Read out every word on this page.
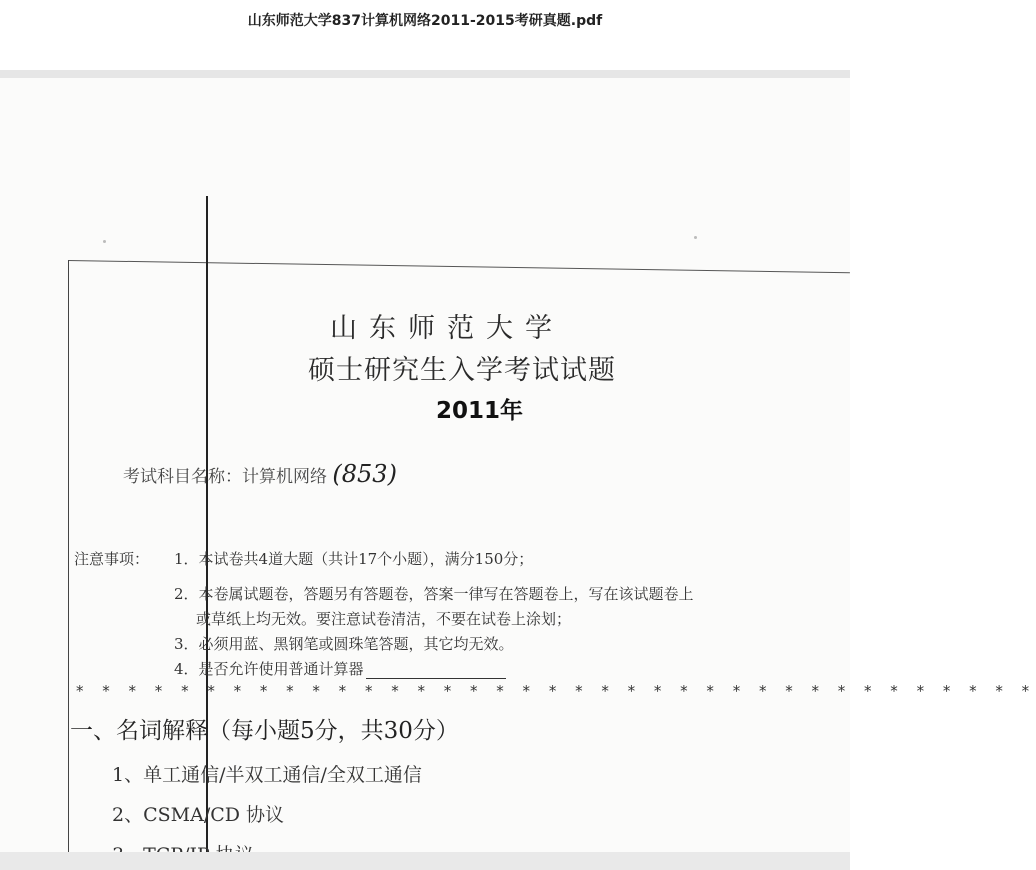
山东师范大学837计算机网络2011-2015考研真题.pdf
山东师范大学
硕士研究生入学考试试题
2011年
考试科目名称：计算机网络 (853)
注意事项： 1．本试卷共4道大题（共计17个小题），满分150分；
2．本卷属试题卷，答题另有答题卷，答案一律写在答题卷上，写在该试题卷上
或草纸上均无效。要注意试卷清洁，不要在试卷上涂划；
3．必须用蓝、黑钢笔或圆珠笔答题，其它均无效。
4．是否允许使用普通计算器
* * * * * * * * * * * * * * * * * * * * * * * * * * * * * * * * * * * * *
一、名词解释（每小题5分，共30分）
1、单工通信/半双工通信/全双工通信
2、CSMA/CD 协议
